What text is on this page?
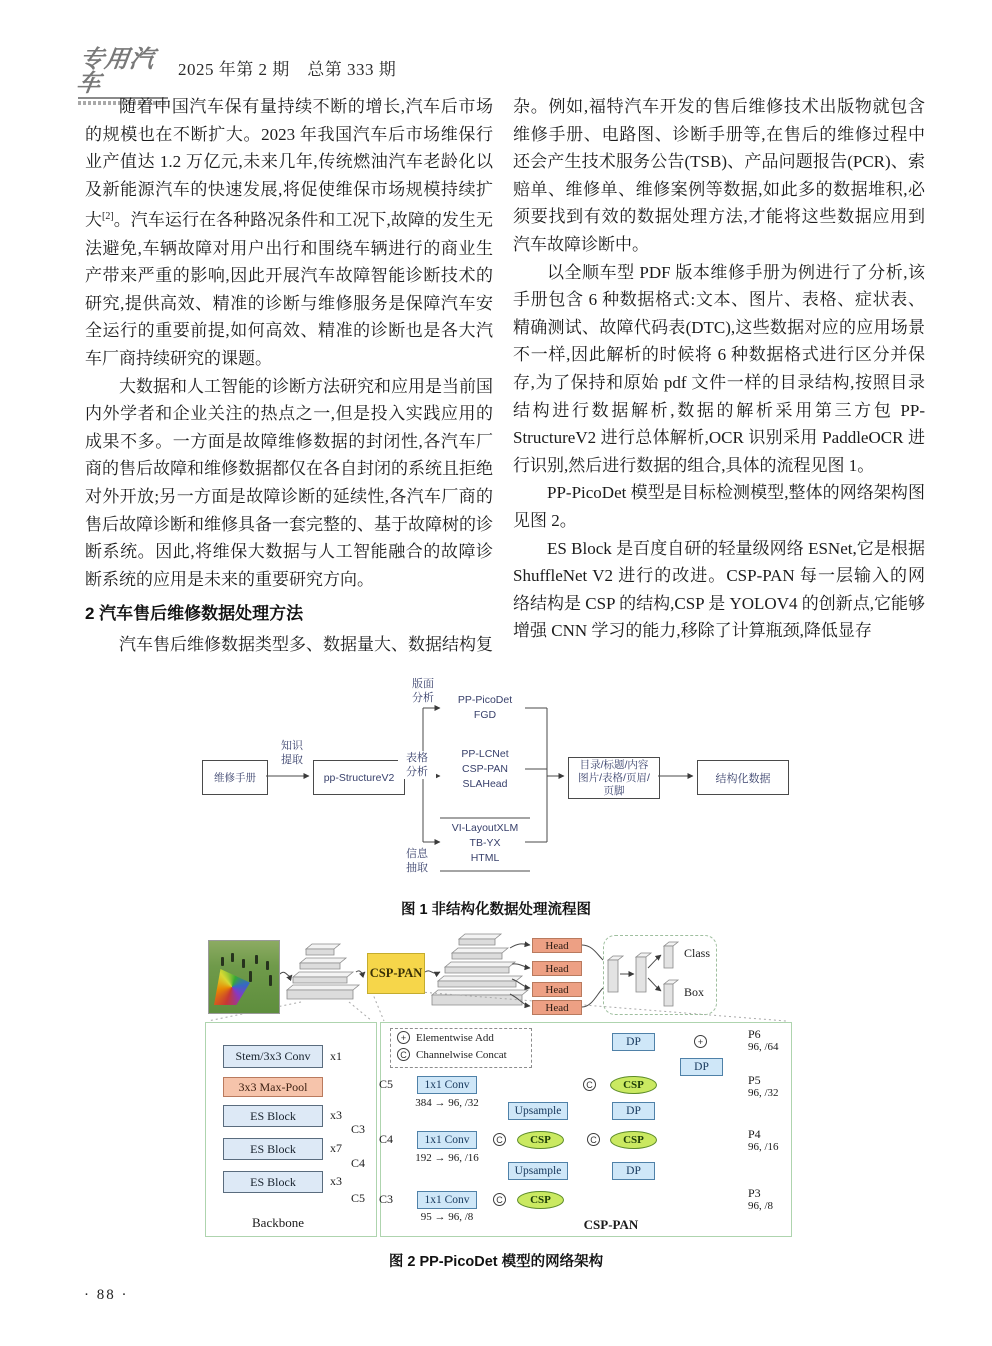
专用汽车
2025 年第 2 期　总第 333 期

随着中国汽车保有量持续不断的增长,汽车后市场的规模也在不断扩大。2023 年我国汽车后市场维保行业产值达 1.2 万亿元,未来几年,传统燃油汽车老龄化以及新能源汽车的快速发展,将促使维保市场规模持续扩大[2]。汽车运行在各种路况条件和工况下,故障的发生无法避免,车辆故障对用户出行和围绕车辆进行的商业生产带来严重的影响,因此开展汽车故障智能诊断技术的研究,提供高效、精准的诊断与维修服务是保障汽车安全运行的重要前提,如何高效、精准的诊断也是各大汽车厂商持续研究的课题。

大数据和人工智能的诊断方法研究和应用是当前国内外学者和企业关注的热点之一,但是投入实践应用的成果不多。一方面是故障维修数据的封闭性,各汽车厂商的售后故障和维修数据都仅在各自封闭的系统且拒绝对外开放;另一方面是故障诊断的延续性,各汽车厂商的售后故障诊断和维修具备一套完整的、基于故障树的诊断系统。因此,将维保大数据与人工智能融合的故障诊断系统的应用是未来的重要研究方向。

2 汽车售后维修数据处理方法

汽车售后维修数据类型多、数据量大、数据结构复

杂。例如,福特汽车开发的售后维修技术出版物就包含维修手册、电路图、诊断手册等,在售后的维修过程中还会产生技术服务公告(TSB)、产品问题报告(PCR)、索赔单、维修单、维修案例等数据,如此多的数据堆积,必须要找到有效的数据处理方法,才能将这些数据应用到汽车故障诊断中。

以全顺车型 PDF 版本维修手册为例进行了分析,该手册包含 6 种数据格式:文本、图片、表格、症状表、精确测试、故障代码表(DTC),这些数据对应的应用场景不一样,因此解析的时候将 6 种数据格式进行区分并保存,为了保持和原始 pdf 文件一样的目录结构,按照目录结构进行数据解析,数据的解析采用第三方包 PP-StructureV2 进行总体解析,OCR 识别采用 PaddleOCR 进行识别,然后进行数据的组合,具体的流程见图 1。

PP-PicoDet 模型是目标检测模型,整体的网络架构图见图 2。

ES Block 是百度自研的轻量级网络 ESNet,它是根据 ShuffleNet V2 进行的改进。CSP-PAN 每一层输入的网络结构是 CSP 的结构,CSP 是 YOLOV4 的创新点,它能够增强 CNN 学习的能力,移除了计算瓶颈,降低显存

维修手册
知识
提取
pp-StructureV2
版面
分析
表格
分析
信息
抽取
PP-PicoDet
FGD
PP-LCNet
CSP-PAN
SLAHead
VI-LayoutXLM
TB-YX
HTML
目录/标题/内容
图片/表格/页眉/
页脚
结构化数据
图 1 非结构化数据处理流程图
CSP-PAN
Head
Head
Head
Head
Class
Box
Stem/3x3 Conv	x1
3x3 Max-Pool
ES Block	x3
C3
ES Block	x7
C4
ES Block	x3
C5
Backbone
+ Elementwise Add
C Channelwise Concat
C5	1x1 Conv
384 → 96, /32
C	CSP
DP	+
DP
Upsample	DP
C4	1x1 Conv
192 → 96, /16
C	CSP	C	CSP
Upsample	DP
C3	1x1 Conv
95 → 96, /8
C	CSP
P6
96, /64
P5
96, /32
P4
96, /16
P3
96, /8
CSP-PAN
图 2 PP-PicoDet 模型的网络架构
· 88 ·
